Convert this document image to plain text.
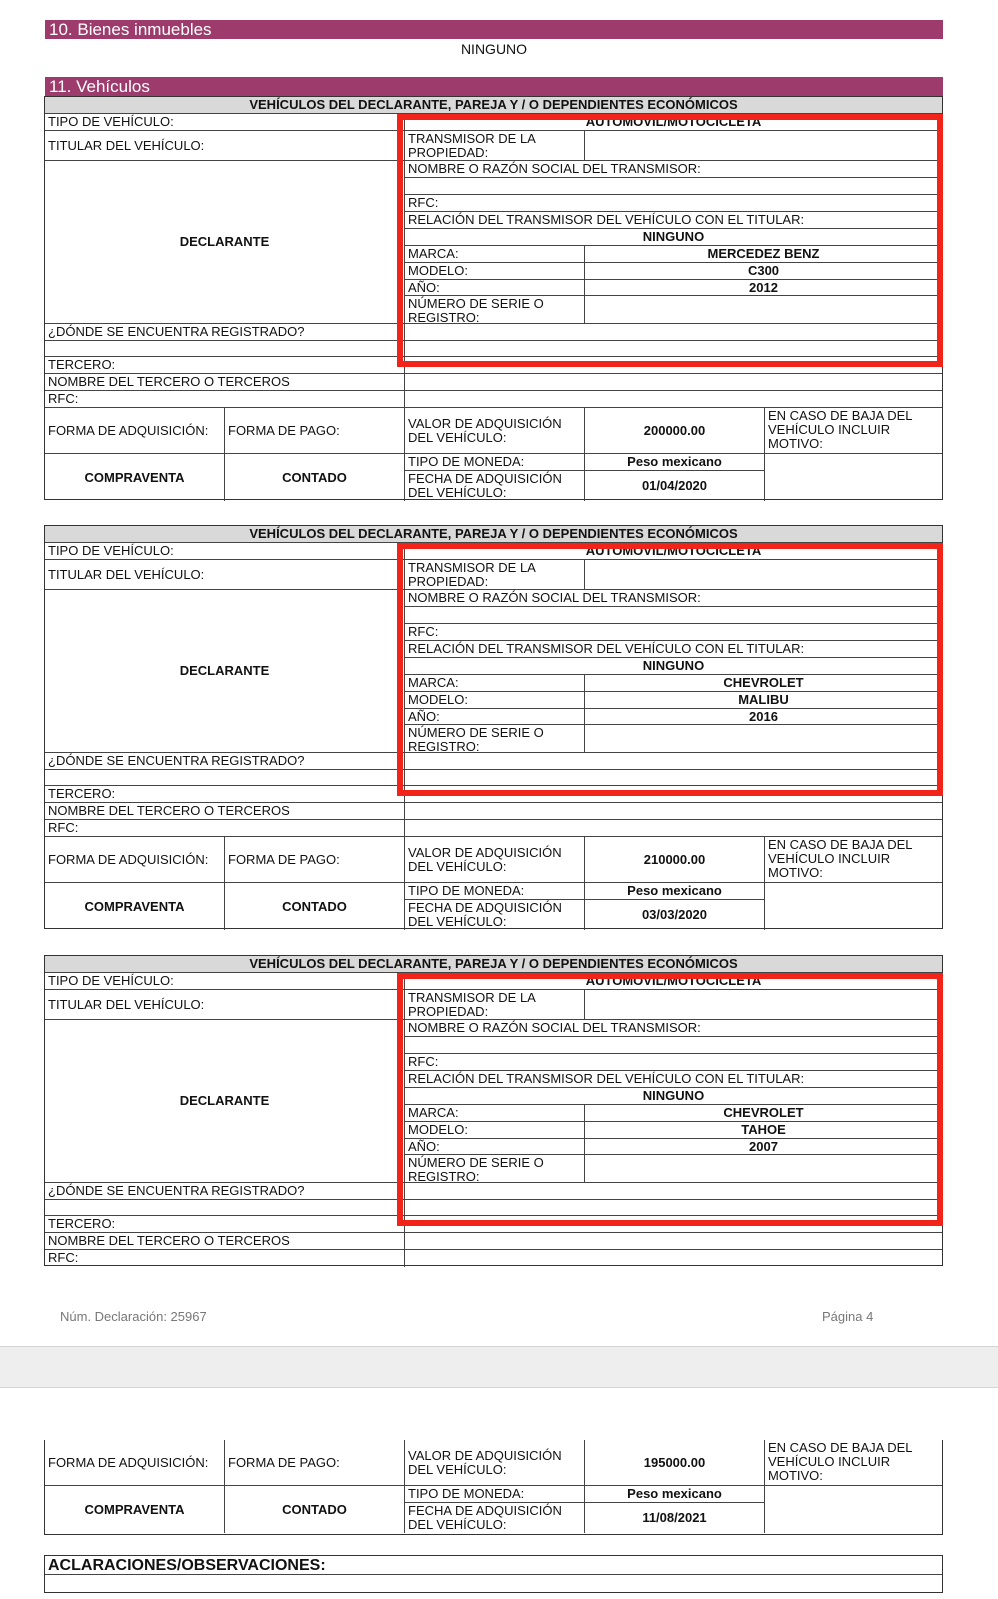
10. Bienes inmuebles
NINGUNO
11. Vehículos
VEHÍCULOS DEL DECLARANTE, PAREJA Y / O DEPENDIENTES ECONÓMICOS
TIPO DE VEHÍCULO:	AUTOMÓVIL/MOTOCICLETA
TITULAR DEL VEHÍCULO:	TRANSMISOR DE LA PROPIEDAD:
DECLARANTE
NOMBRE O RAZÓN SOCIAL DEL TRANSMISOR:
RFC:
RELACIÓN DEL TRANSMISOR DEL VEHÍCULO CON EL TITULAR:
NINGUNO
MARCA:	MERCEDEZ BENZ
MODELO:	C300
AÑO:	2012
NÚMERO DE SERIE O REGISTRO:
¿DÓNDE SE ENCUENTRA REGISTRADO?
TERCERO:
NOMBRE DEL TERCERO O TERCEROS
RFC:
FORMA DE ADQUISICIÓN:	FORMA DE PAGO:	VALOR DE ADQUISICIÓN DEL VEHÍCULO:	200000.00
EN CASO DE BAJA DEL VEHÍCULO INCLUIR MOTIVO:
COMPRAVENTA	CONTADO
TIPO DE MONEDA:	Peso mexicano
FECHA DE ADQUISICIÓN DEL VEHÍCULO:	01/04/2020
VEHÍCULOS DEL DECLARANTE, PAREJA Y / O DEPENDIENTES ECONÓMICOS
TIPO DE VEHÍCULO:	AUTOMÓVIL/MOTOCICLETA
TITULAR DEL VEHÍCULO:	TRANSMISOR DE LA PROPIEDAD:
DECLARANTE
NOMBRE O RAZÓN SOCIAL DEL TRANSMISOR:
RFC:
RELACIÓN DEL TRANSMISOR DEL VEHÍCULO CON EL TITULAR:
NINGUNO
MARCA:	CHEVROLET
MODELO:	MALIBU
AÑO:	2016
NÚMERO DE SERIE O REGISTRO:
¿DÓNDE SE ENCUENTRA REGISTRADO?
TERCERO:
NOMBRE DEL TERCERO O TERCEROS
RFC:
FORMA DE ADQUISICIÓN:	FORMA DE PAGO:	VALOR DE ADQUISICIÓN DEL VEHÍCULO:	210000.00
EN CASO DE BAJA DEL VEHÍCULO INCLUIR MOTIVO:
COMPRAVENTA	CONTADO
TIPO DE MONEDA:	Peso mexicano
FECHA DE ADQUISICIÓN DEL VEHÍCULO:	03/03/2020
VEHÍCULOS DEL DECLARANTE, PAREJA Y / O DEPENDIENTES ECONÓMICOS
TIPO DE VEHÍCULO:	AUTOMÓVIL/MOTOCICLETA
TITULAR DEL VEHÍCULO:	TRANSMISOR DE LA PROPIEDAD:
DECLARANTE
NOMBRE O RAZÓN SOCIAL DEL TRANSMISOR:
RFC:
RELACIÓN DEL TRANSMISOR DEL VEHÍCULO CON EL TITULAR:
NINGUNO
MARCA:	CHEVROLET
MODELO:	TAHOE
AÑO:	2007
NÚMERO DE SERIE O REGISTRO:
¿DÓNDE SE ENCUENTRA REGISTRADO?
TERCERO:
NOMBRE DEL TERCERO O TERCEROS
RFC:
Núm. Declaración: 25967	Página 4
FORMA DE ADQUISICIÓN:	FORMA DE PAGO:	VALOR DE ADQUISICIÓN DEL VEHÍCULO:	195000.00
EN CASO DE BAJA DEL VEHÍCULO INCLUIR MOTIVO:
COMPRAVENTA	CONTADO
TIPO DE MONEDA:	Peso mexicano
FECHA DE ADQUISICIÓN DEL VEHÍCULO:	11/08/2021
ACLARACIONES/OBSERVACIONES:
